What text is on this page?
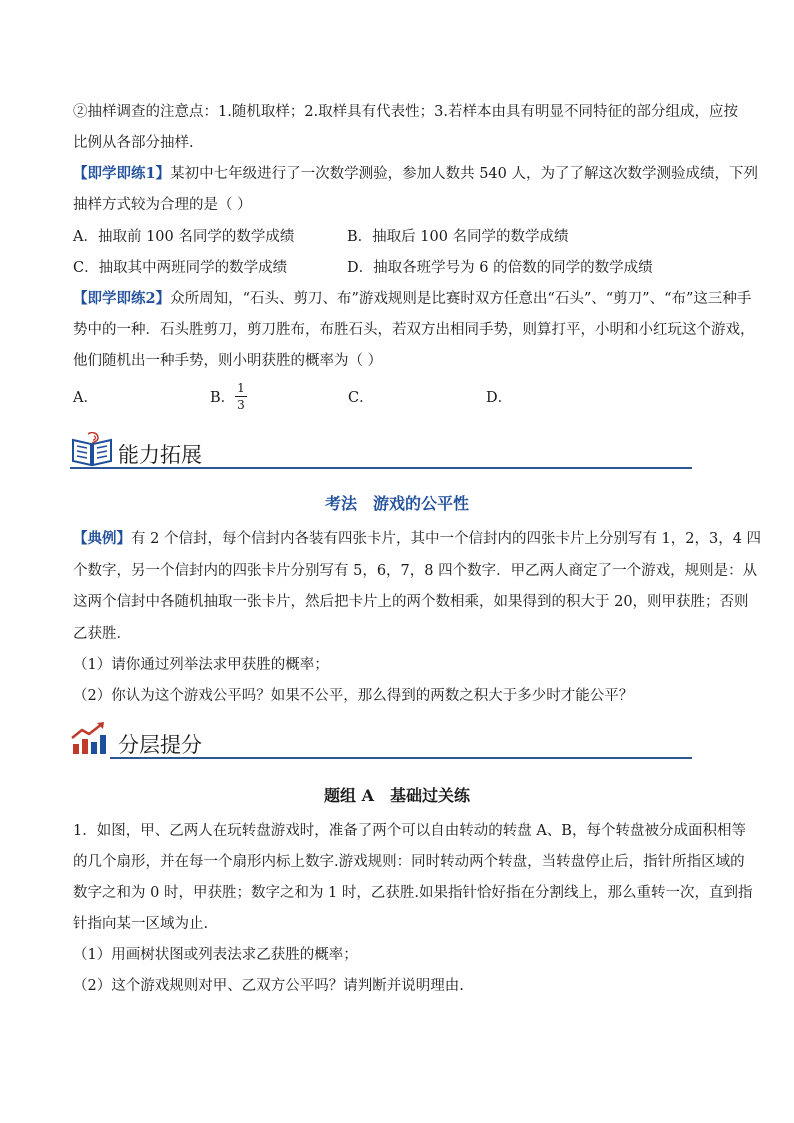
②抽样调查的注意点：1.随机取样；2.取样具有代表性；3.若样本由具有明显不同特征的部分组成，应按
比例从各部分抽样.
【即学即练1】某初中七年级进行了一次数学测验，参加人数共 540 人，为了了解这次数学测验成绩，下列
抽样方式较为合理的是（ ）
A．抽取前 100 名同学的数学成绩	B．抽取后 100 名同学的数学成绩
C．抽取其中两班同学的数学成绩	D．抽取各班学号为 6 的倍数的同学的数学成绩
【即学即练2】众所周知，“石头、剪刀、布”游戏规则是比赛时双方任意出“石头”、“剪刀”、“布”这三种手
势中的一种．石头胜剪刀，剪刀胜布，布胜石头，若双方出相同手势，则算打平，小明和小红玩这个游戏，
他们随机出一种手势，则小明获胜的概率为（ ）
A．	B．
1
3	C．	D．
能力拓展
考法　游戏的公平性
【典例】有 2 个信封，每个信封内各装有四张卡片，其中一个信封内的四张卡片上分别写有 1，2，3，4 四
个数字，另一个信封内的四张卡片分别写有 5，6，7，8 四个数字．甲乙两人商定了一个游戏，规则是：从
这两个信封中各随机抽取一张卡片，然后把卡片上的两个数相乘，如果得到的积大于 20，则甲获胜；否则
乙获胜．
（1）请你通过列举法求甲获胜的概率；
（2）你认为这个游戏公平吗？如果不公平，那么得到的两数之积大于多少时才能公平？
分层提分
题组 A　基础过关练
1．如图，甲、乙两人在玩转盘游戏时，准备了两个可以自由转动的转盘 A、B，每个转盘被分成面积相等
的几个扇形，并在每一个扇形内标上数字.游戏规则：同时转动两个转盘，当转盘停止后，指针所指区域的
数字之和为 0 时，甲获胜；数字之和为 1 时，乙获胜.如果指针恰好指在分割线上，那么重转一次，直到指
针指向某一区域为止.
（1）用画树状图或列表法求乙获胜的概率；
（2）这个游戏规则对甲、乙双方公平吗？请判断并说明理由.
